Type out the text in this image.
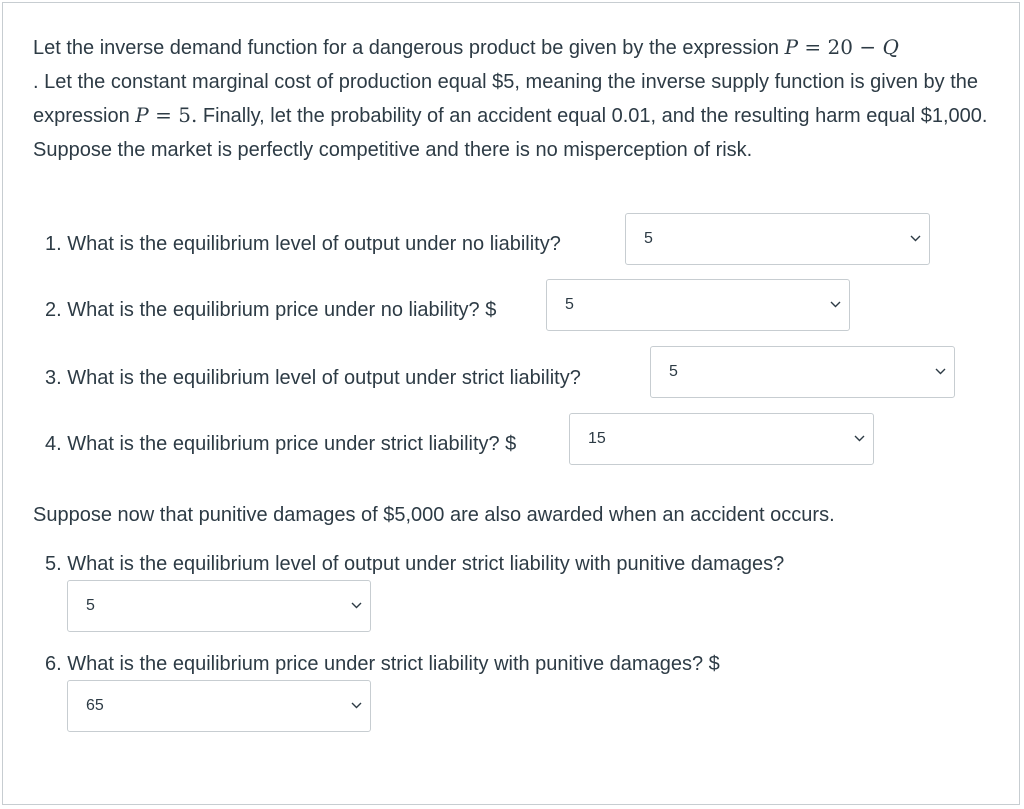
Let the inverse demand function for a dangerous product be given by the expression P = 20 − Q
. Let the constant marginal cost of production equal $5, meaning the inverse supply function is given by the expression P = 5. Finally, let the probability of an accident equal 0.01, and the resulting harm equal $1,000. Suppose the market is perfectly competitive and there is no misperception of risk.
1. What is the equilibrium level of output under no liability?	5
2. What is the equilibrium price under no liability? $	5
3. What is the equilibrium level of output under strict liability?	5
4. What is the equilibrium price under strict liability? $	15
Suppose now that punitive damages of $5,000 are also awarded when an accident occurs.
5. What is the equilibrium level of output under strict liability with punitive damages?
5
6. What is the equilibrium price under strict liability with punitive damages? $
65
